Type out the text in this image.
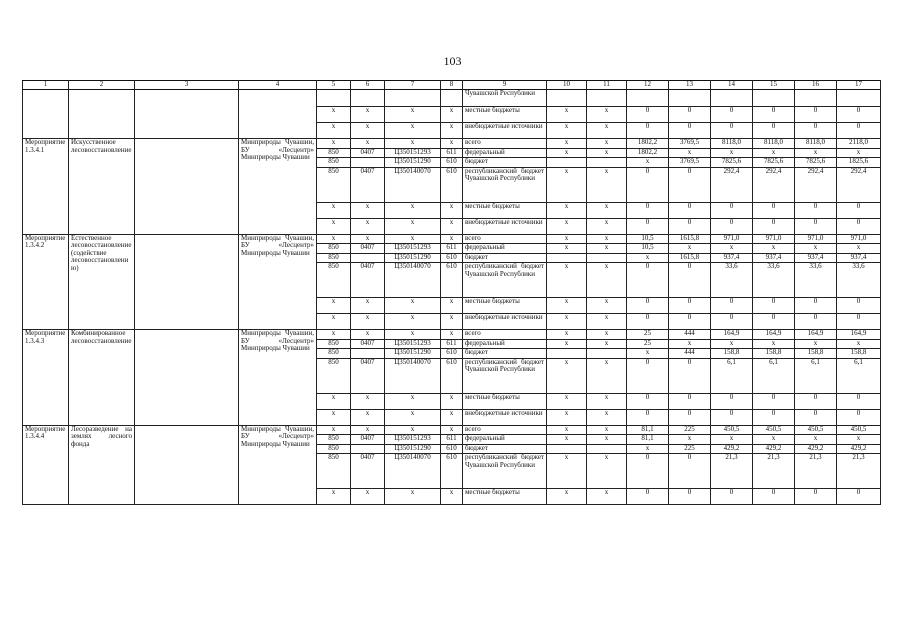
103
1	2	3	4	5	6	7	8	9	10	11	12	13	14	15	16	17
								Чувашской Республики								
				x	x	x	x	местные бюджеты	x	x	0	0	0	0	0	0
				x	x	x	x	внебюджетные источники	x	x	0	0	0	0	0	0
Мероприятие 1.3.4.1	Искусственное лесовосстановление		Минприроды Чувашии, БУ «Лесцентр» Минприроды Чувашии	x	x	x	x	всего	x	x	1802,2	3769,5	8118,0	8118,0	8118,0	2118,0
				850	0407	Ц350151293	611	федеральный	x	x	1802,2	x	x	x	x	x
				850		Ц350151290	610	бюджет			x	3769,5	7825,6	7825,6	7825,6	1825,6
				850	0407	Ц350140070	610	республиканский бюджет Чувашской Республики	x	x	0	0	292,4	292,4	292,4	292,4
				x	x	x	x	местные бюджеты	x	x	0	0	0	0	0	0
				x	x	x	x	внебюджетные источники	x	x	0	0	0	0	0	0
Мероприятие 1.3.4.2	Естественное лесовосстановление (содействие лесовосстановлению)		Минприроды Чувашии, БУ «Лесцентр» Минприроды Чувашии	x	x	x	x	всего	x	x	10,5	1615,8	971,0	971,0	971,0	971,0
				850	0407	Ц350151293	611	федеральный	x	x	10,5	x	x	x	x	x
				850		Ц350151290	610	бюджет			x	1615,8	937,4	937,4	937,4	937,4
				850	0407	Ц350140070	610	республиканский бюджет Чувашской Республики	x	x	0	0	33,6	33,6	33,6	33,6
				x	x	x	x	местные бюджеты	x	x	0	0	0	0	0	0
				x	x	x	x	внебюджетные источники	x	x	0	0	0	0	0	0
Мероприятие 1.3.4.3	Комбинированное лесовосстановление		Минприроды Чувашии, БУ «Лесцентр» Минприроды Чувашии	x	x	x	x	всего	x	x	25	444	164,9	164,9	164,9	164,9
				850	0407	Ц350151293	611	федеральный	x	x	25	x	x	x	x	x
				850		Ц350151290	610	бюджет			x	444	158,8	158,8	158,8	158,8
				850	0407	Ц350140070	610	республиканский бюджет Чувашской Республики	x	x	0	0	6,1	6,1	6,1	6,1
				x	x	x	x	местные бюджеты	x	x	0	0	0	0	0	0
				x	x	x	x	внебюджетные источники	x	x	0	0	0	0	0	0
Мероприятие 1.3.4.4	Лесоразведение на землях лесного фонда		Минприроды Чувашии, БУ «Лесцентр» Минприроды Чувашии	x	x	x	x	всего	x	x	81,1	225	450,5	450,5	450,5	450,5
				850	0407	Ц350151293	611	федеральный	x	x	81,1	x	x	x	x	x
				850		Ц350151290	610	бюджет			x	225	429,2	429,2	429,2	429,2
				850	0407	Ц350140070	610	республиканский бюджет Чувашской Республики	x	x	0	0	21,3	21,3	21,3	21,3
				x	x	x	x	местные бюджеты	x	x	0	0	0	0	0	0
